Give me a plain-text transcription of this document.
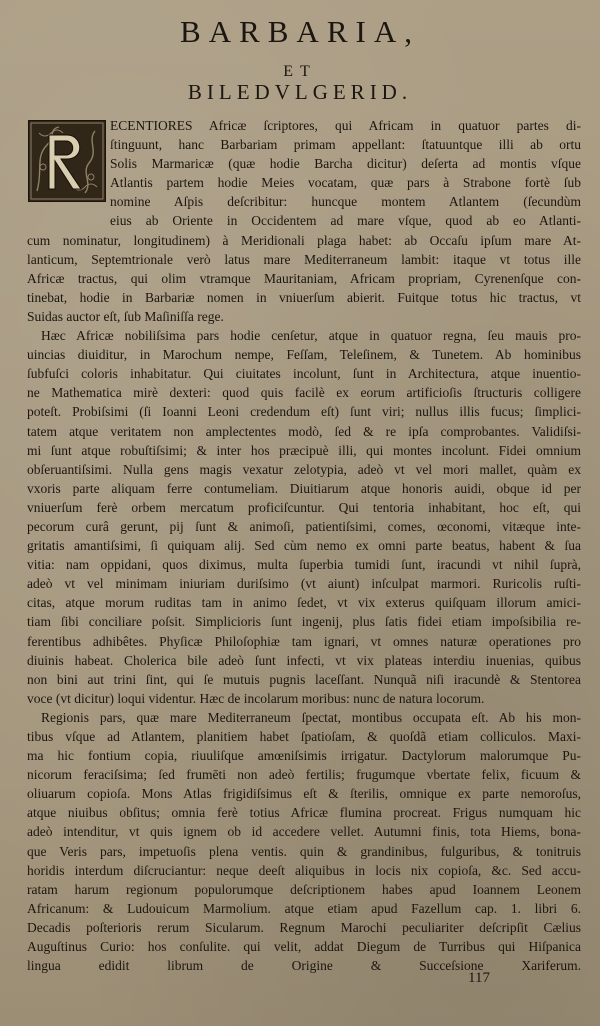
BARBARIA,
ET
BILEDVLGERID.
ECENTIORES Africæ ſcriptores, qui Africam in quatuor partes di-
ſtinguunt, hanc Barbariam primam appellant: ſtatuuntque illi ab ortu
Solis Marmaricæ (quæ hodie Barcha dicitur) deſerta ad montis vſque
Atlantis partem hodie Meies vocatam, quæ pars à Strabone fortè ſub
nomine Aſpis deſcribitur: huncque montem Atlantem (ſecundùm
eius ab Oriente in Occidentem ad mare vſque, quod ab eo Atlanti-
cum nominatur, longitudinem) à Meridionali plaga habet: ab Occaſu ipſum mare At-
lanticum, Septemtrionale verò latus mare Mediterraneum lambit: itaque vt totus ille
Africæ tractus, qui olim vtramque Mauritaniam, Africam propriam, Cyrenenſque con-
tinebat, hodie in Barbariæ nomen in vniuerſum abierit. Fuitque totus hic tractus, vt
Suidas auctor eſt, ſub Maſiniſſa rege.
Hæc Africæ nobiliſsima pars hodie cenſetur, atque in quatuor regna, ſeu mauis pro-
uincias diuiditur, in Marochum nempe, Feſſam, Teleſinem, & Tunetem. Ab hominibus
ſubfuſci coloris inhabitatur. Qui ciuitates incolunt, ſunt in Architectura, atque inuentio-
ne Mathematica mirè dexteri: quod quis facilè ex eorum artificioſis ſtructuris colligere
poteſt. Probiſsimi (ſi Ioanni Leoni credendum eſt) ſunt viri; nullus illis fucus; ſimplici-
tatem atque veritatem non amplectentes modò, ſed & re ipſa comprobantes. Validiſsi-
mi ſunt atque robuſtiſsimi; & inter hos præcipuè illi, qui montes incolunt. Fidei omnium
obſeruantiſsimi. Nulla gens magis vexatur zelotypia, adeò vt vel mori mallet, quàm ex
vxoris parte aliquam ferre contumeliam. Diuitiarum atque honoris auidi, obque id per
vniuerſum ferè orbem mercatum proficiſcuntur. Qui tentoria inhabitant, hoc eſt, qui
pecorum curâ gerunt, pij ſunt & animoſi, patientiſsimi, comes, œconomi, vitæque inte-
gritatis amantiſsimi, ſi quiquam alij. Sed cùm nemo ex omni parte beatus, habent & ſua
vitia: nam oppidani, quos diximus, multa ſuperbia tumidi ſunt, iracundi vt nihil ſuprà,
adeò vt vel minimam iniuriam duriſsimo (vt aiunt) inſculpat marmori. Ruricolis ruſti-
citas, atque morum ruditas tam in animo ſedet, vt vix exterus quiſquam illorum amici-
tiam ſibi conciliare poſsit. Simplicioris ſunt ingenij, plus ſatis fidei etiam impoſsibilia re-
ferentibus adhibêtes. Phyſicæ Philoſophiæ tam ignari, vt omnes naturæ operationes pro
diuinis habeat. Cholerica bile adeò ſunt infecti, vt vix plateas interdiu inuenias, quibus
non bini aut trini ſint, qui ſe mutuis pugnis laceſſant. Nunquã niſi iracundè & Stentorea
voce (vt dicitur) loqui videntur. Hæc de incolarum moribus: nunc de natura locorum.
Regionis pars, quæ mare Mediterraneum ſpectat, montibus occupata eſt. Ab his mon-
tibus vſque ad Atlantem, planitiem habet ſpatioſam, & quoſdã etiam colliculos. Maxi-
ma hic fontium copia, riuuliſque amœniſsimis irrigatur. Dactylorum malorumque Pu-
nicorum feraciſsima; ſed frumēti non adeò fertilis; frugumque vbertate felix, ficuum &
oliuarum copioſa. Mons Atlas frigidiſsimus eſt & ſterilis, omnique ex parte nemoroſus,
atque niuibus obſitus; omnia ferè totius Africæ flumina procreat. Frigus numquam hic
adeò intenditur, vt quis ignem ob id accedere vellet. Autumni finis, tota Hiems, bona-
que Veris pars, impetuoſis plena ventis. quin & grandinibus, fulguribus, & tonitruis
horidis interdum diſcruciantur: neque deeſt aliquibus in locis nix copioſa, &c. Sed accu-
ratam harum regionum populorumque deſcriptionem habes apud Ioannem Leonem
Africanum: & Ludouicum Marmolium. atque etiam apud Fazellum cap. 1. libri 6.
Decadis poſterioris rerum Sicularum. Regnum Marochi peculiariter deſcripſit Cælius
Auguſtinus Curio: hos conſulite. qui velit, addat Diegum de Turribus qui Hiſpanica
lingua edidit librum de Origine & Succeſsione Xariferum.
117
